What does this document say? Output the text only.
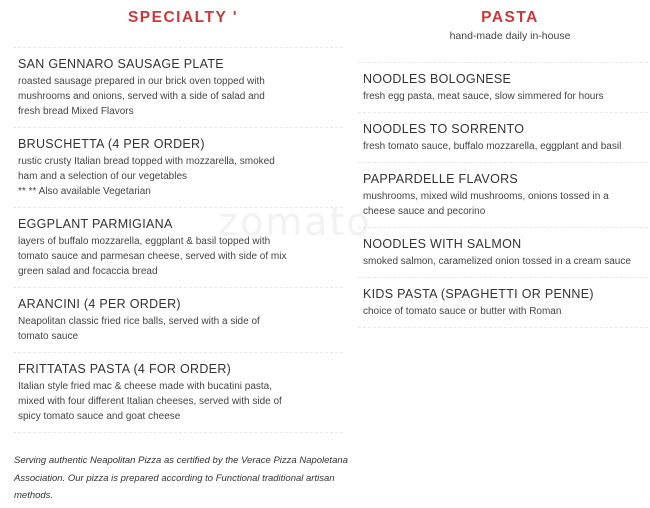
zomato
SPECIALTY '
SAN GENNARO SAUSAGE PLATE
roasted sausage prepared in our brick oven topped with mushrooms and onions, served with a side of salad and fresh bread Mixed Flavors
BRUSCHETTA (4 PER ORDER)
rustic crusty Italian bread topped with mozzarella, smoked ham and a selection of our vegetables
** ** Also available Vegetarian
EGGPLANT PARMIGIANA
layers of buffalo mozzarella, eggplant & basil topped with tomato sauce and parmesan cheese, served with side of mix green salad and focaccia bread
ARANCINI (4 PER ORDER)
Neapolitan classic fried rice balls, served with a side of tomato sauce
FRITTATAS PASTA (4 FOR ORDER)
Italian style fried mac & cheese made with bucatini pasta, mixed with four different Italian cheeses, served with side of spicy tomato sauce and goat cheese
PASTA
hand-made daily in-house
NOODLES BOLOGNESE
fresh egg pasta, meat sauce, slow simmered for hours
NOODLES TO SORRENTO
fresh tomato sauce, buffalo mozzarella, eggplant and basil
PAPPARDELLE FLAVORS
mushrooms, mixed wild mushrooms, onions tossed in a cheese sauce and pecorino
NOODLES WITH SALMON
smoked salmon, caramelized onion tossed in a cream sauce
KIDS PASTA (SPAGHETTI OR PENNE)
choice of tomato sauce or butter with Roman
Serving authentic Neapolitan Pizza as certified by the Verace Pizza Napoletana Association. Our pizza is prepared according to Functional traditional artisan methods.
